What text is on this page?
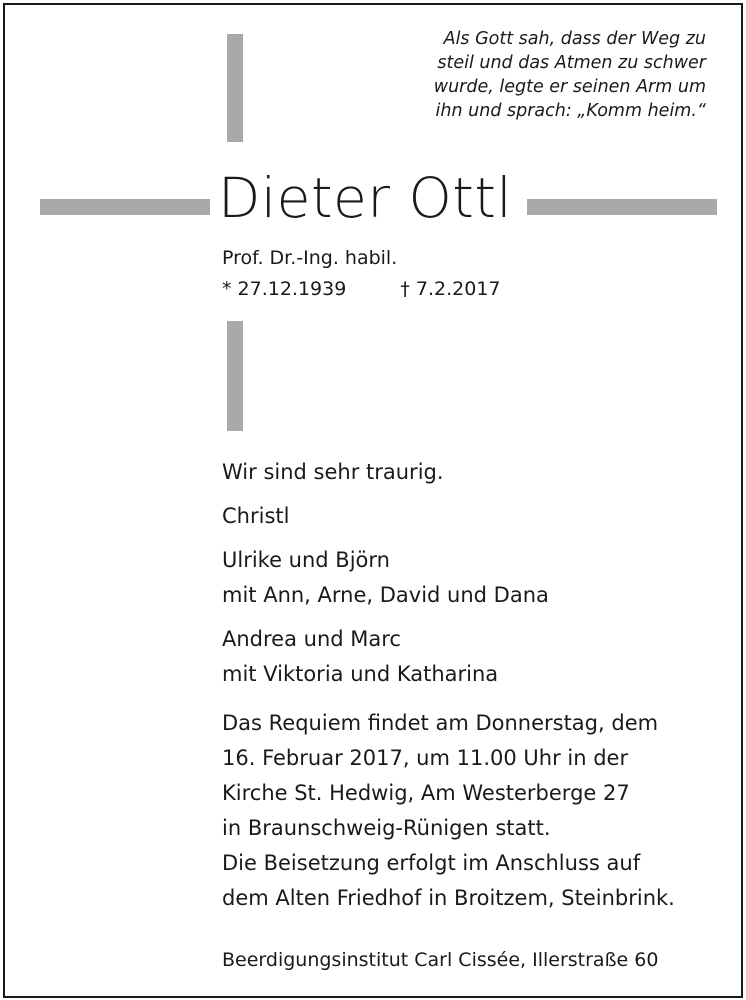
Als Gott sah, dass der Weg zu
steil und das Atmen zu schwer
wurde, legte er seinen Arm um
ihn und sprach: „Komm heim.“
Dieter Ottl
Prof. Dr.-Ing. habil.
* 27.12.1939	† 7.2.2017
Wir sind sehr traurig.
Christl
Ulrike und Björn
mit Ann, Arne, David und Dana
Andrea und Marc
mit Viktoria und Katharina
Das Requiem findet am Donnerstag, dem
16. Februar 2017, um 11.00 Uhr in der
Kirche St. Hedwig, Am Westerberge 27
in Braunschweig-Rünigen statt.
Die Beisetzung erfolgt im Anschluss auf
dem Alten Friedhof in Broitzem, Steinbrink.
Beerdigungsinstitut Carl Cissée, Illerstraße 60
